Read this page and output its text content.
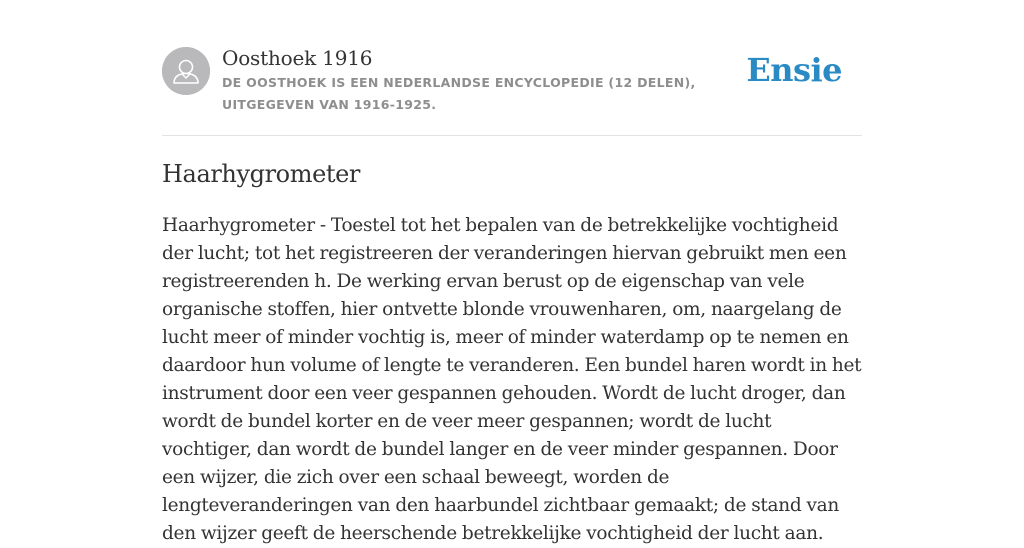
Oosthoek 1916

DE OOSTHOEK IS EEN NEDERLANDSE ENCYCLOPEDIE (12 DELEN), UITGEGEVEN VAN 1916-1925.

Ensie
Haarhygrometer

Haarhygrometer - Toestel tot het bepalen van de betrekkelijke vochtigheid der lucht; tot het registreeren der veranderingen hiervan gebruikt men een registreerenden h. De werking ervan berust op de eigenschap van vele organische stoffen, hier ontvette blonde vrouwenharen, om, naargelang de lucht meer of minder vochtig is, meer of minder waterdamp op te nemen en daardoor hun volume of lengte te veranderen. Een bundel haren wordt in het instrument door een veer gespannen gehouden. Wordt de lucht droger, dan wordt de bundel korter en de veer meer gespannen; wordt de lucht vochtiger, dan wordt de bundel langer en de veer minder gespannen. Door een wijzer, die zich over een schaal beweegt, worden de lengteveranderingen van den haarbundel zichtbaar gemaakt; de stand van den wijzer geeft de heerschende betrekkelijke vochtigheid der lucht aan.
